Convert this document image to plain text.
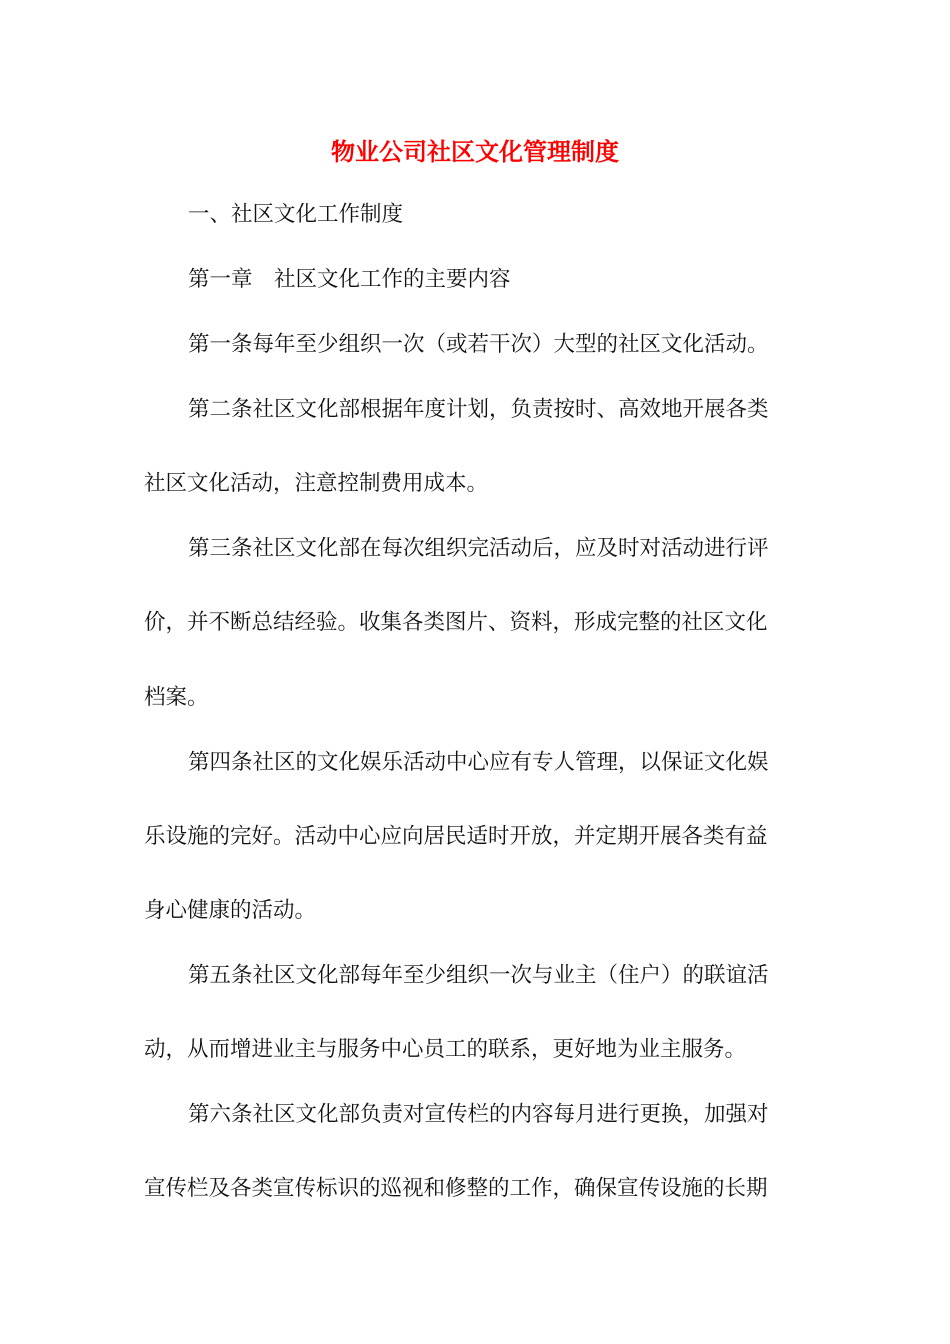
物业公司社区文化管理制度
一、社区文化工作制度
第一章　社区文化工作的主要内容
第一条每年至少组织一次（或若干次）大型的社区文化活动。
第二条社区文化部根据年度计划，负责按时、高效地开展各类
社区文化活动，注意控制费用成本。
第三条社区文化部在每次组织完活动后，应及时对活动进行评
价，并不断总结经验。收集各类图片、资料，形成完整的社区文化
档案。
第四条社区的文化娱乐活动中心应有专人管理，以保证文化娱
乐设施的完好。活动中心应向居民适时开放，并定期开展各类有益
身心健康的活动。
第五条社区文化部每年至少组织一次与业主（住户）的联谊活
动，从而增进业主与服务中心员工的联系，更好地为业主服务。
第六条社区文化部负责对宣传栏的内容每月进行更换，加强对
宣传栏及各类宣传标识的巡视和修整的工作，确保宣传设施的长期
